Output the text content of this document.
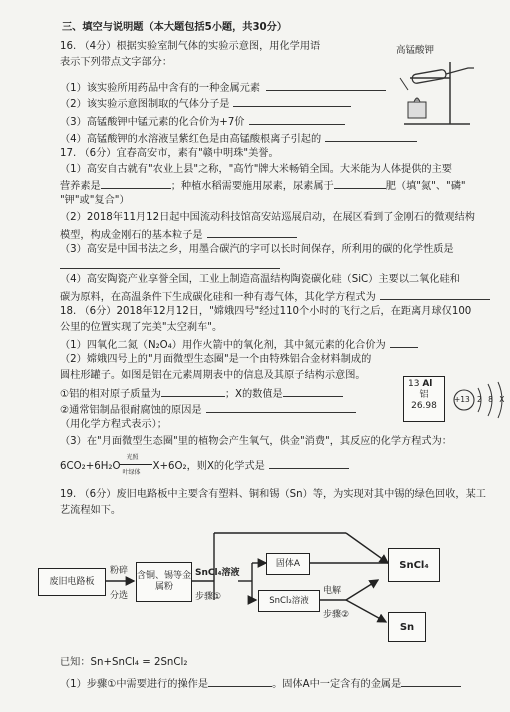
三、填空与说明题（本大题包括5小题，共30分）
16. （4分）根据实验室制气体的实验示意图，用化学用语
表示下列带点文字部分：
（1）该实验所用药品中含有的一种金属元素
（2）该实验示意图制取的气体分子是
（3）高锰酸钾中锰元素的化合价为+7价
（4）高锰酸钾的水溶液呈紫红色是由高锰酸根离子引起的
高锰酸钾
17. （6分）宜春高安市，素有"赣中明珠"美誉。
（1）高安自古就有"农业上县"之称，"高竹"牌大米畅销全国。大米能为人体提供的主要
营养素是	；种植水稻需要施用尿素，尿素属于	肥（填"氮"、"磷"
"钾"或"复合"）
（2）2018年11月12日起中国流动科技馆高安站巡展启动，在展区看到了金刚石的微观结构
模型，构成金刚石的基本粒子是
（3）高安是中国书法之乡，用墨合碳汽的字可以长时间保存，所利用的碳的化学性质是
（4）高安陶瓷产业享誉全国，工业上制造高温结构陶瓷碳化硅（SiC）主要以二氧化硅和
碳为原料，在高温条件下生成碳化硅和一种有毒气体，其化学方程式为
18. （6分）2018年12月12日，"嫦娥四号"经过110个小时的飞行之后，在距离月球仅100
公里的位置实现了完美"太空刹车"。
（1）四氧化二氮（N₂O₄）用作火箭中的氧化剂，其中氮元素的化合价为
（2）嫦娥四号上的"月面微型生态圈"是一个由特殊铝合金材料制成的
圆柱形罐子。如图是铝在元素周期表中的信息及其原子结构示意图。
①铝的相对原子质量为	；X的数值是
②通常铝制品很耐腐蚀的原因是
（用化学方程式表示）；
（3）在"月面微型生态圈"里的植物会产生氧气，供金"消费"，其反应的化学方程式为：
13 Al
铝
26.98
+13 2 8 X
6CO₂+6H₂O
光照
叶绿体
X+6O₂，则X的化学式是
19. （6分）废旧电路板中主要含有塑料、铜和锡（Sn）等，为实现对其中锡的绿色回收，某工
艺流程如下。
废旧电路板
粉碎
分选
含铜、锡等金属粉
SnCl₄溶液
步骤①
固体A
SnCl₂溶液
电解
步骤②
SnCl₄
Sn
已知：Sn+SnCl₄ = 2SnCl₂
（1）步骤①中需要进行的操作是	。固体A中一定含有的金属是
